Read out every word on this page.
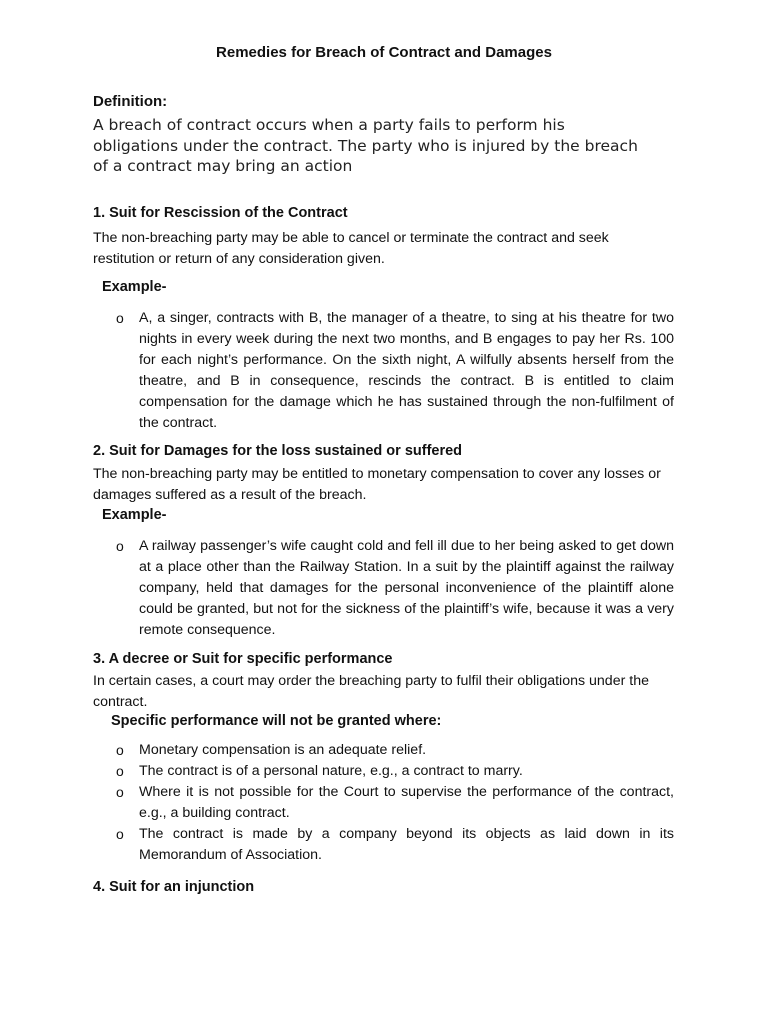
Remedies for Breach of Contract and Damages
Definition:
A breach of contract occurs when a party fails to perform his obligations under the contract. The party who is injured by the breach of a contract may bring an action

1. Suit for Rescission of the Contract

The non-breaching party may be able to cancel or terminate the contract and seek restitution or return of any consideration given.

Example-
o A, a singer, contracts with B, the manager of a theatre, to sing at his theatre for two nights in every week during the next two months, and B engages to pay her Rs. 100 for each night’s performance. On the sixth night, A wilfully absents herself from the theatre, and B in consequence, rescinds the contract. B is entitled to claim compensation for the damage which he has sustained through the non-fulfilment of the contract.

2. Suit for Damages for the loss sustained or suffered

The non-breaching party may be entitled to monetary compensation to cover any losses or damages suffered as a result of the breach.

Example-
o A railway passenger’s wife caught cold and fell ill due to her being asked to get down at a place other than the Railway Station. In a suit by the plaintiff against the railway company, held that damages for the personal inconvenience of the plaintiff alone could be granted, but not for the sickness of the plaintiff’s wife, because it was a very remote consequence.

3. A decree or Suit for specific performance

In certain cases, a court may order the breaching party to fulfil their obligations under the contract.

Specific performance will not be granted where:
o Monetary compensation is an adequate relief.
o The contract is of a personal nature, e.g., a contract to marry.
o Where it is not possible for the Court to supervise the performance of the contract, e.g., a building contract.
o The contract is made by a company beyond its objects as laid down in its Memorandum of Association.

4. Suit for an injunction
